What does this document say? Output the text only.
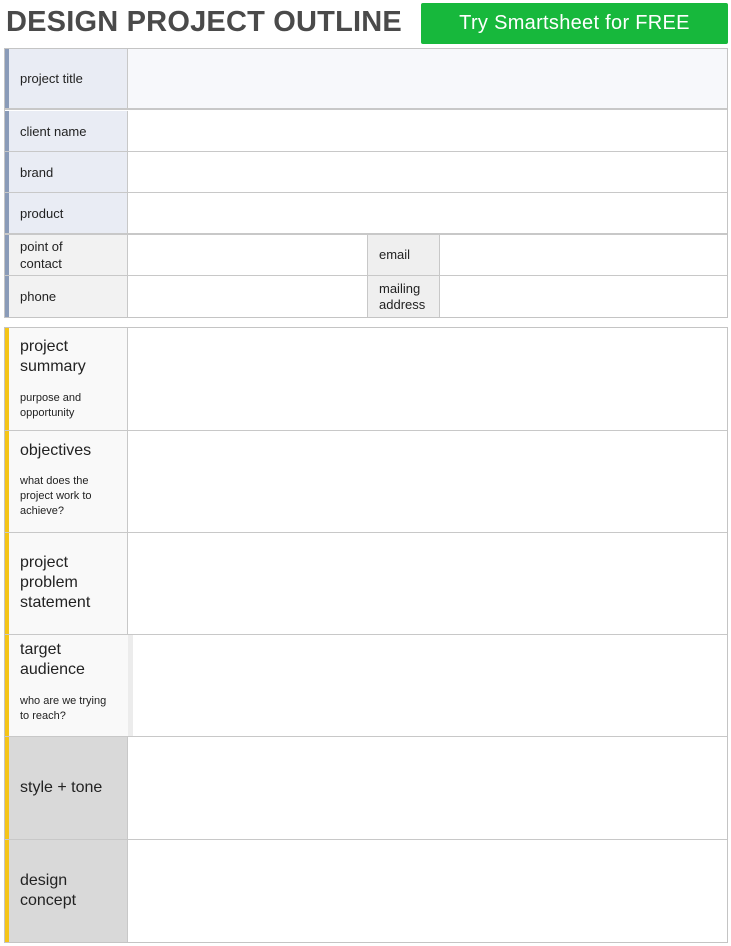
DESIGN PROJECT OUTLINE	Try Smartsheet for FREE
project title
client name
brand
product
point of
contact
email
phone
mailing
address
project
summary
purpose and
opportunity
objectives
what does the
project work to
achieve?
project
problem
statement
target
audience
who are we trying
to reach?
style + tone
design
concept
